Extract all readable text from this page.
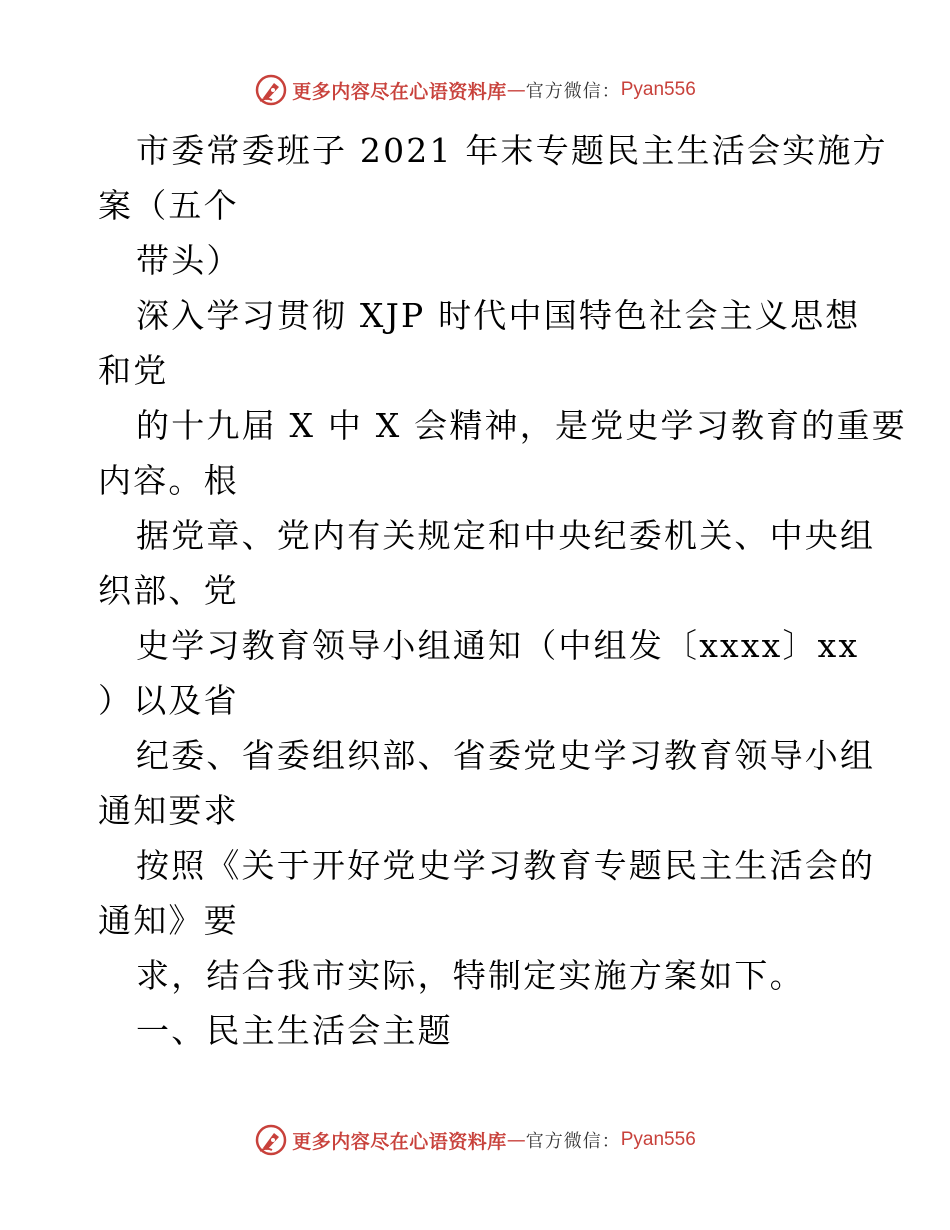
更多内容尽在心语资料库 — 官方微信： Pyan556
市委常委班子 2021 年末专题民主生活会实施方
案（五个
带头）
深入学习贯彻 XJP 时代中国特色社会主义思想
和党
的十九届 X 中 X 会精神，是党史学习教育的重要
内容。根
据党章、党内有关规定和中央纪委机关、中央组
织部、党
史学习教育领导小组通知（中组发〔xxxx〕xx
）以及省
纪委、省委组织部、省委党史学习教育领导小组
通知要求
按照《关于开好党史学习教育专题民主生活会的
通知》要
求，结合我市实际，特制定实施方案如下。
一、民主生活会主题
更多内容尽在心语资料库 — 官方微信： Pyan556
